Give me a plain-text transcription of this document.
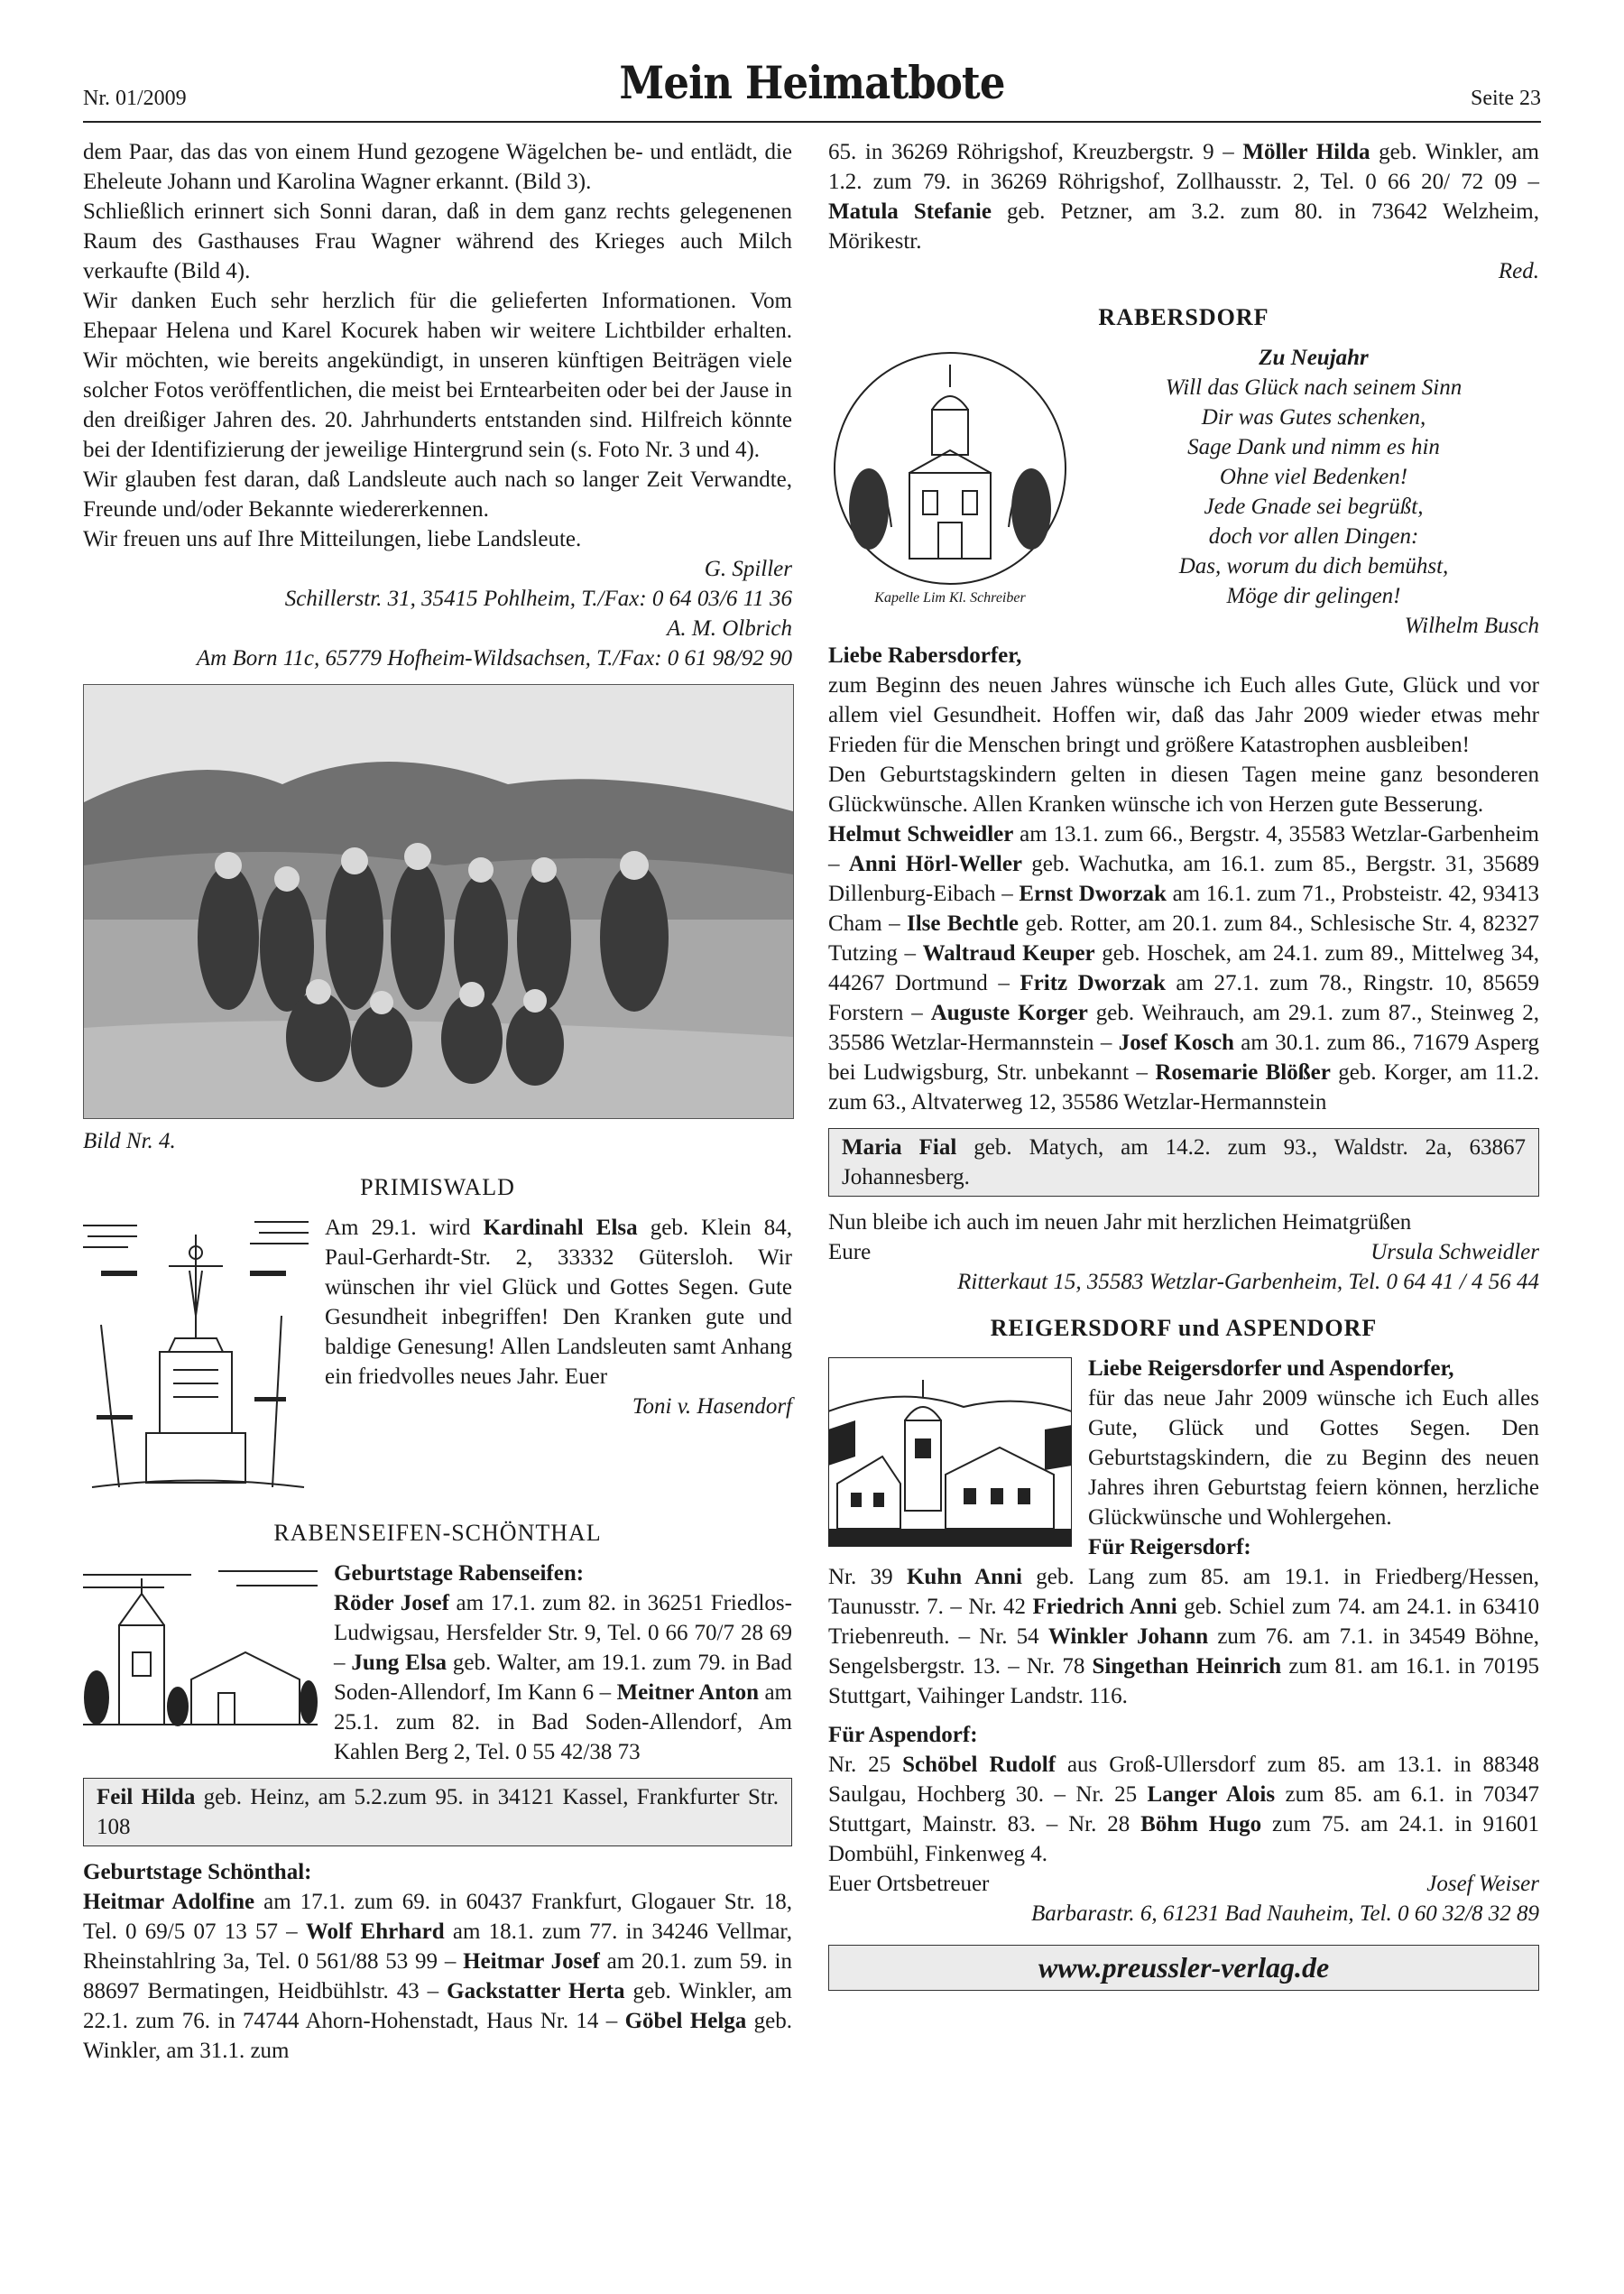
Nr. 01/2009	Mein Heimatbote	Seite 23

dem Paar, das das von einem Hund gezogene Wägelchen be- und entlädt, die Eheleute Johann und Karolina Wagner erkannt. (Bild 3).

Schließlich erinnert sich Sonni daran, daß in dem ganz rechts gelegenenen Raum des Gasthauses Frau Wagner während des Krieges auch Milch verkaufte (Bild 4).

Wir danken Euch sehr herzlich für die gelieferten Informationen. Vom Ehepaar Helena und Karel Kocurek haben wir weitere Lichtbilder erhalten. Wir möchten, wie bereits angekündigt, in unseren künftigen Beiträgen viele solcher Fotos veröffentlichen, die meist bei Erntearbeiten oder bei der Jause in den dreißiger Jahren des. 20. Jahrhunderts entstanden sind. Hilfreich könnte bei der Identifizierung der jeweilige Hintergrund sein (s. Foto Nr. 3 und 4).

Wir glauben fest daran, daß Landsleute auch nach so langer Zeit Verwandte, Freunde und/oder Bekannte wiedererkennen.

Wir freuen uns auf Ihre Mitteilungen, liebe Landsleute.

G. Spiller

Schillerstr. 31, 35415 Pohlheim, T./Fax: 0 64 03/6 11 36

A. M. Olbrich

Am Born 11c, 65779 Hofheim-Wildsachsen, T./Fax: 0 61 98/92 90

Bild Nr. 4.

PRIMISWALD

Am 29.1. wird Kardinahl Elsa geb. Klein 84, Paul-Gerhardt-Str. 2, 33332 Gütersloh. Wir wünschen ihr viel Glück und Gottes Segen. Gute Gesundheit inbegriffen! Den Kranken gute und baldige Genesung! Allen Landsleuten samt Anhang ein friedvolles neues Jahr. Euer

Toni v. Hasendorf

RABENSEIFEN-SCHÖNTHAL

Geburtstage Rabenseifen:

Röder Josef am 17.1. zum 82. in 36251 Friedlos-Ludwigsau, Hersfelder Str. 9, Tel. 0 66 70/7 28 69 – Jung Elsa geb. Walter, am 19.1. zum 79. in Bad Soden-Allendorf, Im Kann 6 – Meitner Anton am 25.1. zum 82. in Bad Soden-Allendorf, Am Kahlen Berg 2, Tel. 0 55 42/38 73

Feil Hilda geb. Heinz, am 5.2.zum 95. in 34121 Kassel, Frankfurter Str. 108

Geburtstage Schönthal:

Heitmar Adolfine am 17.1. zum 69. in 60437 Frankfurt, Glogauer Str. 18, Tel. 0 69/5 07 13 57 – Wolf Ehrhard am 18.1. zum 77. in 34246 Vellmar, Rheinstahlring 3a, Tel. 0 561/88 53 99 – Heitmar Josef am 20.1. zum 59. in 88697 Bermatingen, Heidbühlstr. 43 – Gackstatter Herta geb. Winkler, am 22.1. zum 76. in 74744 Ahorn-Hohenstadt, Haus Nr. 14 – Göbel Helga geb. Winkler, am 31.1. zum

65. in 36269 Röhrigshof, Kreuzbergstr. 9 – Möller Hilda geb. Winkler, am 1.2. zum 79. in 36269 Röhrigshof, Zollhausstr. 2, Tel. 0 66 20/ 72 09 – Matula Stefanie geb. Petzner, am 3.2. zum 80. in 73642 Welzheim, Mörikestr.

Red.

RABERSDORF
Kapelle Lim Kl. Schreiber
Zu Neujahr
Will das Glück nach seinem Sinn
Dir was Gutes schenken,
Sage Dank und nimm es hin
Ohne viel Bedenken!
Jede Gnade sei begrüßt,
doch vor allen Dingen:
Das, worum du dich bemühst,
Möge dir gelingen!
Wilhelm Busch

Liebe Rabersdorfer,

zum Beginn des neuen Jahres wünsche ich Euch alles Gute, Glück und vor allem viel Gesundheit. Hoffen wir, daß das Jahr 2009 wieder etwas mehr Frieden für die Menschen bringt und größere Katastrophen ausbleiben!

Den Geburtstagskindern gelten in diesen Tagen meine ganz besonderen Glückwünsche. Allen Kranken wünsche ich von Herzen gute Besserung.

Helmut Schweidler am 13.1. zum 66., Bergstr. 4, 35583 Wetzlar-Garbenheim – Anni Hörl-Weller geb. Wachutka, am 16.1. zum 85., Bergstr. 31, 35689 Dillenburg-Eibach – Ernst Dworzak am 16.1. zum 71., Probsteistr. 42, 93413 Cham – Ilse Bechtle geb. Rotter, am 20.1. zum 84., Schlesische Str. 4, 82327 Tutzing – Waltraud Keuper geb. Hoschek, am 24.1. zum 89., Mittelweg 34, 44267 Dortmund – Fritz Dworzak am 27.1. zum 78., Ringstr. 10, 85659 Forstern – Auguste Korger geb. Weihrauch, am 29.1. zum 87., Steinweg 2, 35586 Wetzlar-Hermannstein – Josef Kosch am 30.1. zum 86., 71679 Asperg bei Ludwigsburg, Str. unbekannt – Rosemarie Blößer geb. Korger, am 11.2. zum 63., Altvaterweg 12, 35586 Wetzlar-Hermannstein

Maria Fial geb. Matych, am 14.2. zum 93., Waldstr. 2a, 63867 Johannesberg.

Nun bleibe ich auch im neuen Jahr mit herzlichen Heimatgrüßen

Eure	Ursula Schweidler

Ritterkaut 15, 35583 Wetzlar-Garbenheim, Tel. 0 64 41 / 4 56 44

REIGERSDORF und ASPENDORF

Liebe Reigersdorfer und Aspendorfer,

für das neue Jahr 2009 wünsche ich Euch alles Gute, Glück und Gottes Segen. Den Geburtstagskindern, die zu Beginn des neuen Jahres ihren Geburtstag feiern können, herzliche Glückwünsche und Wohlergehen.

Für Reigersdorf:

Nr. 39 Kuhn Anni geb. Lang zum 85. am 19.1. in Friedberg/Hessen, Taunusstr. 7. – Nr. 42 Friedrich Anni geb. Schiel zum 74. am 24.1. in 63410 Triebenreuth. – Nr. 54 Winkler Johann zum 76. am 7.1. in 34549 Böhne, Sengelsbergstr. 13. – Nr. 78 Singethan Heinrich zum 81. am 16.1. in 70195 Stuttgart, Vaihinger Landstr. 116.

Für Aspendorf:

Nr. 25 Schöbel Rudolf aus Groß-Ullersdorf zum 85. am 13.1. in 88348 Saulgau, Hochberg 30. – Nr. 25 Langer Alois zum 85. am 6.1. in 70347 Stuttgart, Mainstr. 83. – Nr. 28 Böhm Hugo zum 75. am 24.1. in 91601 Dombühl, Finkenweg 4.

Euer Ortsbetreuer	Josef Weiser

Barbarastr. 6, 61231 Bad Nauheim, Tel. 0 60 32/8 32 89

www.preussler-verlag.de
